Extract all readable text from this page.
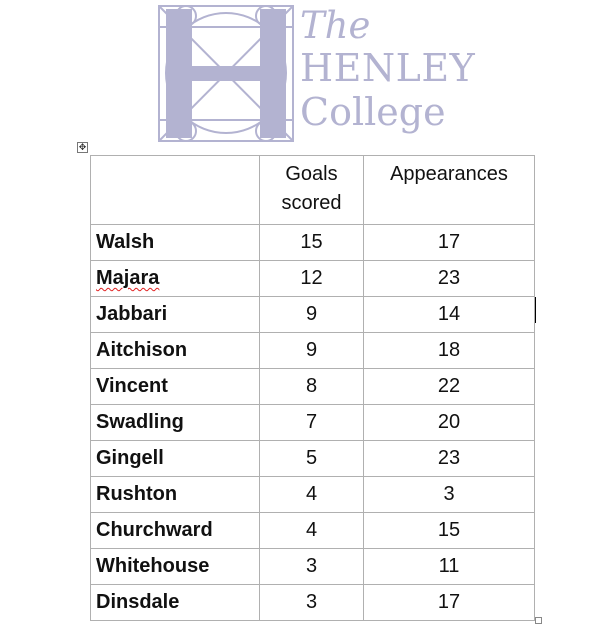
The
HENLEY
College
✥
	Goals scored	Appearances
Walsh	15	17
Majara	12	23
Jabbari	9	14
Aitchison	9	18
Vincent	8	22
Swadling	7	20
Gingell	5	23
Rushton	4	3
Churchward	4	15
Whitehouse	3	11
Dinsdale	3	17
